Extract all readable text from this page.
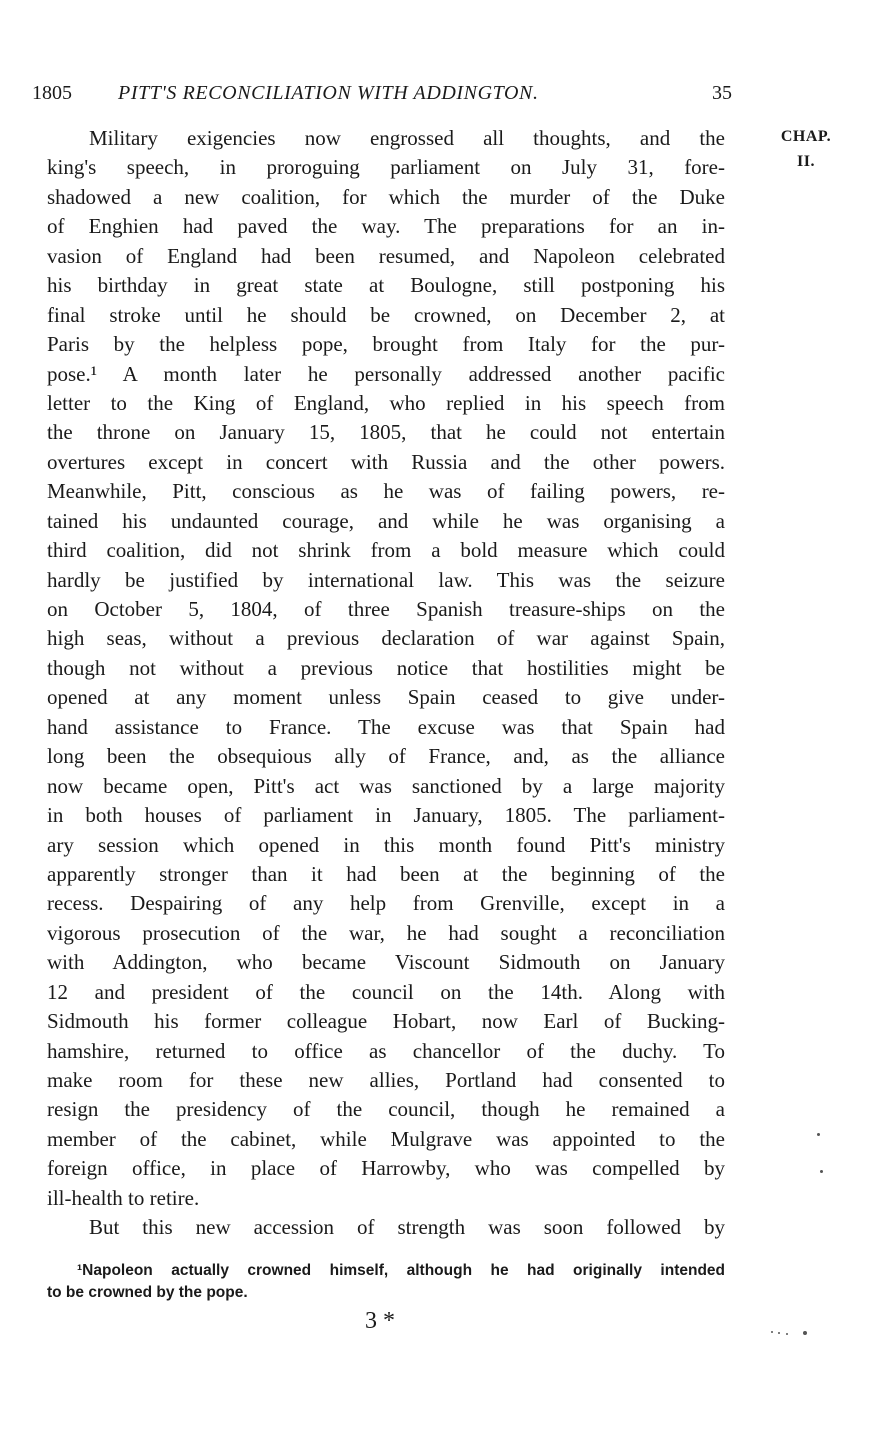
1805 PITT'S RECONCILIATION WITH ADDINGTON.	35
CHAP.
II.
Military exigencies now engrossed all thoughts, and the
king's speech, in proroguing parliament on July 31, fore-
shadowed a new coalition, for which the murder of the Duke
of Enghien had paved the way. The preparations for an in-
vasion of England had been resumed, and Napoleon celebrated
his birthday in great state at Boulogne, still postponing his
final stroke until he should be crowned, on December 2, at
Paris by the helpless pope, brought from Italy for the pur-
pose.¹ A month later he personally addressed another pacific
letter to the King of England, who replied in his speech from
the throne on January 15, 1805, that he could not entertain
overtures except in concert with Russia and the other powers.
Meanwhile, Pitt, conscious as he was of failing powers, re-
tained his undaunted courage, and while he was organising a
third coalition, did not shrink from a bold measure which could
hardly be justified by international law. This was the seizure
on October 5, 1804, of three Spanish treasure-ships on the
high seas, without a previous declaration of war against Spain,
though not without a previous notice that hostilities might be
opened at any moment unless Spain ceased to give under-
hand assistance to France. The excuse was that Spain had
long been the obsequious ally of France, and, as the alliance
now became open, Pitt's act was sanctioned by a large majority
in both houses of parliament in January, 1805. The parliament-
ary session which opened in this month found Pitt's ministry
apparently stronger than it had been at the beginning of the
recess. Despairing of any help from Grenville, except in a
vigorous prosecution of the war, he had sought a reconciliation
with Addington, who became Viscount Sidmouth on January
12 and president of the council on the 14th. Along with
Sidmouth his former colleague Hobart, now Earl of Bucking-
hamshire, returned to office as chancellor of the duchy. To
make room for these new allies, Portland had consented to
resign the presidency of the council, though he remained a
member of the cabinet, while Mulgrave was appointed to the
foreign office, in place of Harrowby, who was compelled by
ill-health to retire.
But this new accession of strength was soon followed by
¹Napoleon actually crowned himself, although he had originally intended
to be crowned by the pope.
3 *
